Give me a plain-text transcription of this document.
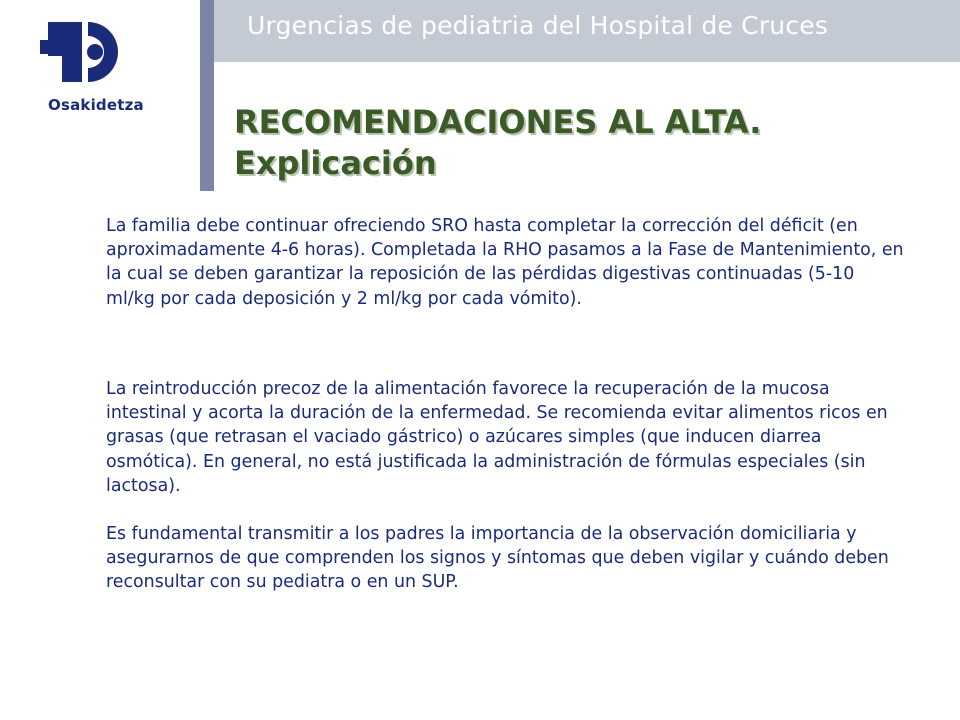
Urgencias de pediatria del Hospital de Cruces
Osakidetza	RECOMENDACIONES AL ALTA.
Explicación

La familia debe continuar ofreciendo SRO hasta completar la corrección del déficit (en aproximadamente 4-6 horas). Completada la RHO pasamos a la Fase de Mantenimiento, en la cual se deben garantizar la reposición de las pérdidas digestivas continuadas (5-10 ml/kg por cada deposición y 2 ml/kg por cada vómito).

La reintroducción precoz de la alimentación favorece la recuperación de la mucosa intestinal y acorta la duración de la enfermedad. Se recomienda evitar alimentos ricos en grasas (que retrasan el vaciado gástrico) o azúcares simples (que inducen diarrea osmótica). En general, no está justificada la administración de fórmulas especiales (sin lactosa).

Es fundamental transmitir a los padres la importancia de la observación domiciliaria y asegurarnos de que comprenden los signos y síntomas que deben vigilar y cuándo deben reconsultar con su pediatra o en un SUP.
